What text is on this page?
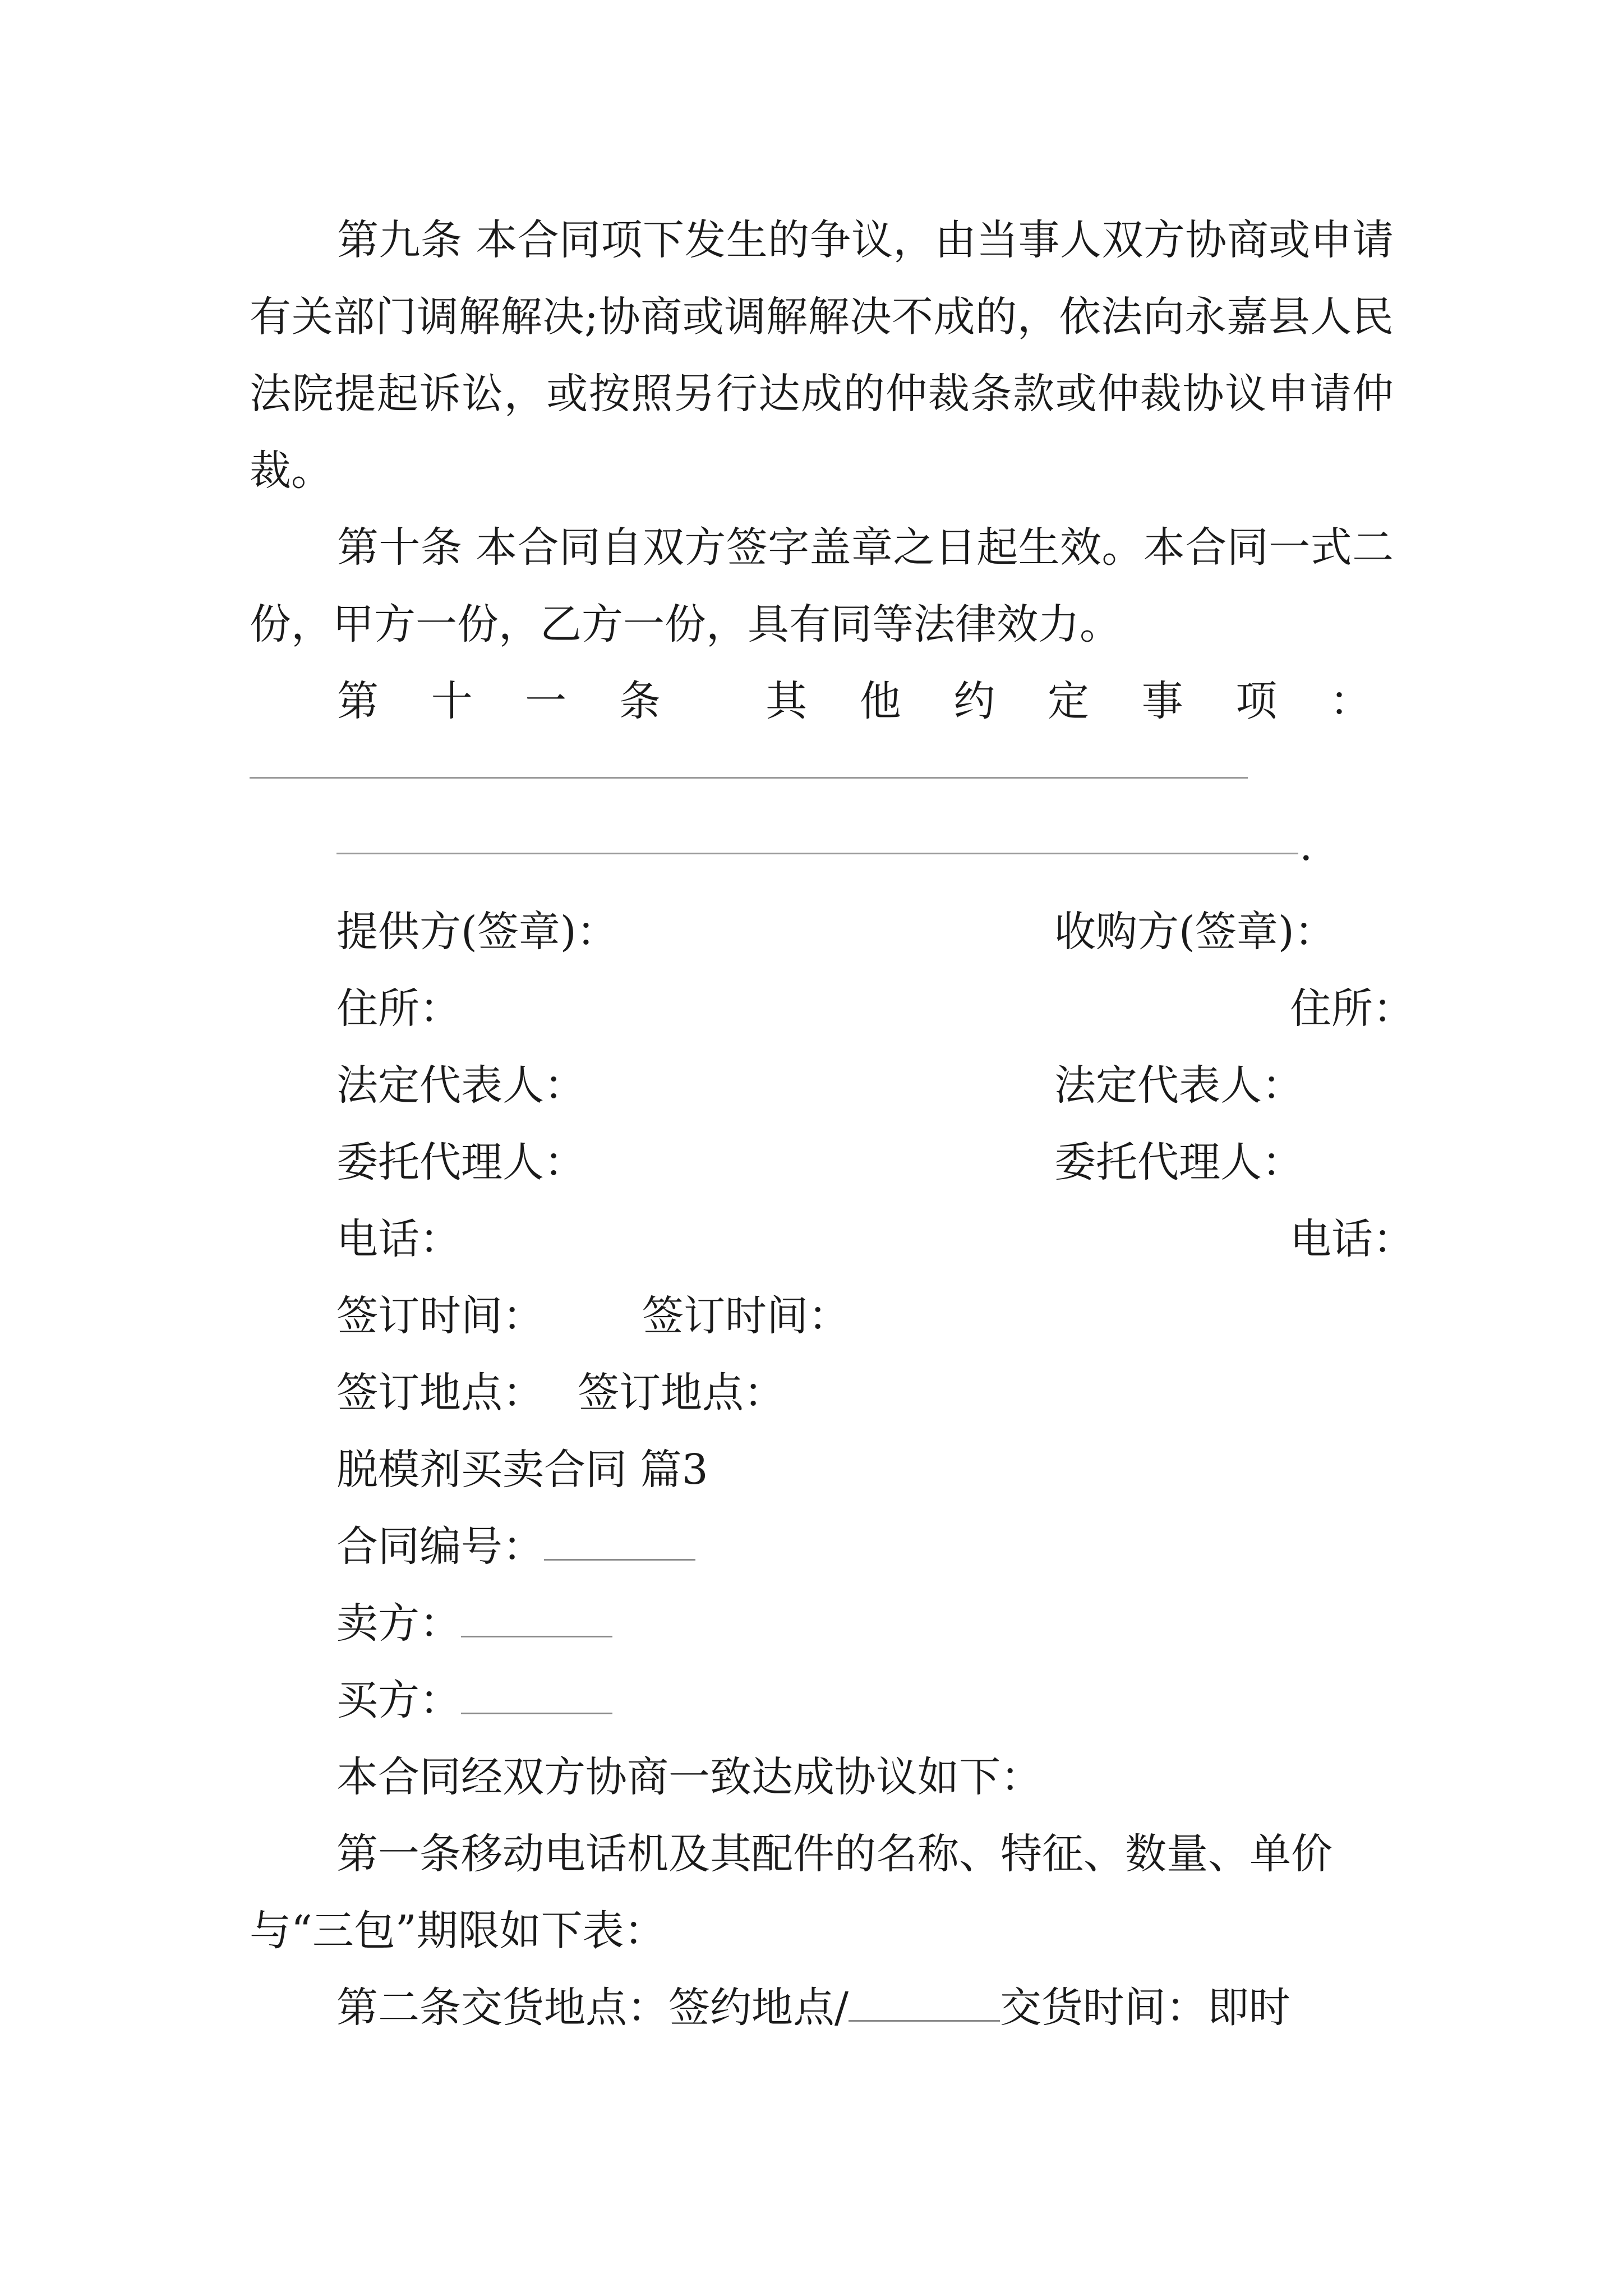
第九条 本合同项下发生的争议，由当事人双方协商或申请有关部门调解解决;协商或调解解决不成的，依法向永嘉县人民法院提起诉讼，或按照另行达成的仲裁条款或仲裁协议申请仲裁。

第十条 本合同自双方签字盖章之日起生效。本合同一式二份，甲方一份，乙方一份，具有同等法律效力。

第 十 一 条	其 他 约 定 事 项 ：
.
提供方(签章)：	收购方(签章)：
住所：	住所：
法定代表人：	法定代表人：
委托代理人：	委托代理人：
电话：	电话：
签订时间： 签订时间：
签订地点： 签订地点：
脱模剂买卖合同 篇3
合同编号：
卖方：
买方：
本合同经双方协商一致达成协议如下：
第一条移动电话机及其配件的名称、特征、数量、单价
与“三包”期限如下表：
第二条交货地点：签约地点/	交货时间：即时
